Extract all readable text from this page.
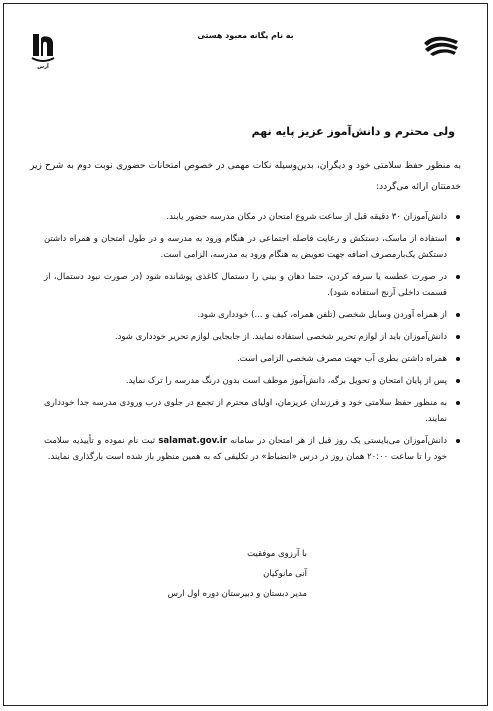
به نام یگانه معبود هستی
آرس
ولی محترم و دانش‌آموز عزیز پایه نهم
به منظور حفظ سلامتی خود و دیگران، بدین‌وسیله نکات مهمی در خصوص امتحانات حضوری نوبت دوم به شرح زیر خدمتتان ارائه می‌گردد:
دانش‌آموزان ۳۰ دقیقه قبل از ساعت شروع امتحان در مکان مدرسه حضور یابند.
استفاده از ماسک، دستکش و رعایت فاصله اجتماعی در هنگام ورود به مدرسه و در طول امتحان و همراه داشتن دستکش یک‌بارمصرف اضافه جهت تعویض به هنگام ورود به مدرسه، الزامی است.
در صورت عطسه یا سرفه کردن، حتما دهان و بینی را دستمال کاغذی پوشانده شود (در صورت نبود دستمال، از قسمت داخلی آرنج استفاده شود).
از همراه آوردن وسایل شخصی (تلفن همراه، کیف و ...) خودداری شود.
دانش‌آموزان باید از لوازم تحریر شخصی استفاده نمایند. از جابجایی لوازم تحریر خودداری شود.
همراه داشتن بطری آب جهت مصرف شخصی الزامی است.
پس از پایان امتحان و تحویل برگه، دانش‌آموز موظف است بدون درنگ مدرسه را ترک نماید.
به منظور حفظ سلامتی خود و فرزندان عزیزمان، اولیای محترم از تجمع در جلوی درب ورودی مدرسه جدا خودداری نمایند.
دانش‌آموزان می‌بایستی یک روز قبل از هر امتحان در سامانه salamat.gov.ir ثبت نام نموده و تأییدیه سلامت خود را تا ساعت ۲۰:۰۰ همان روز در درس «انضباط» در تکلیفی که به همین منظور باز شده است بارگذاری نمایند.
با آرزوی موفقیت
آنی مانوکیان
مدیر دبستان و دبیرستان دوره اول ارس
